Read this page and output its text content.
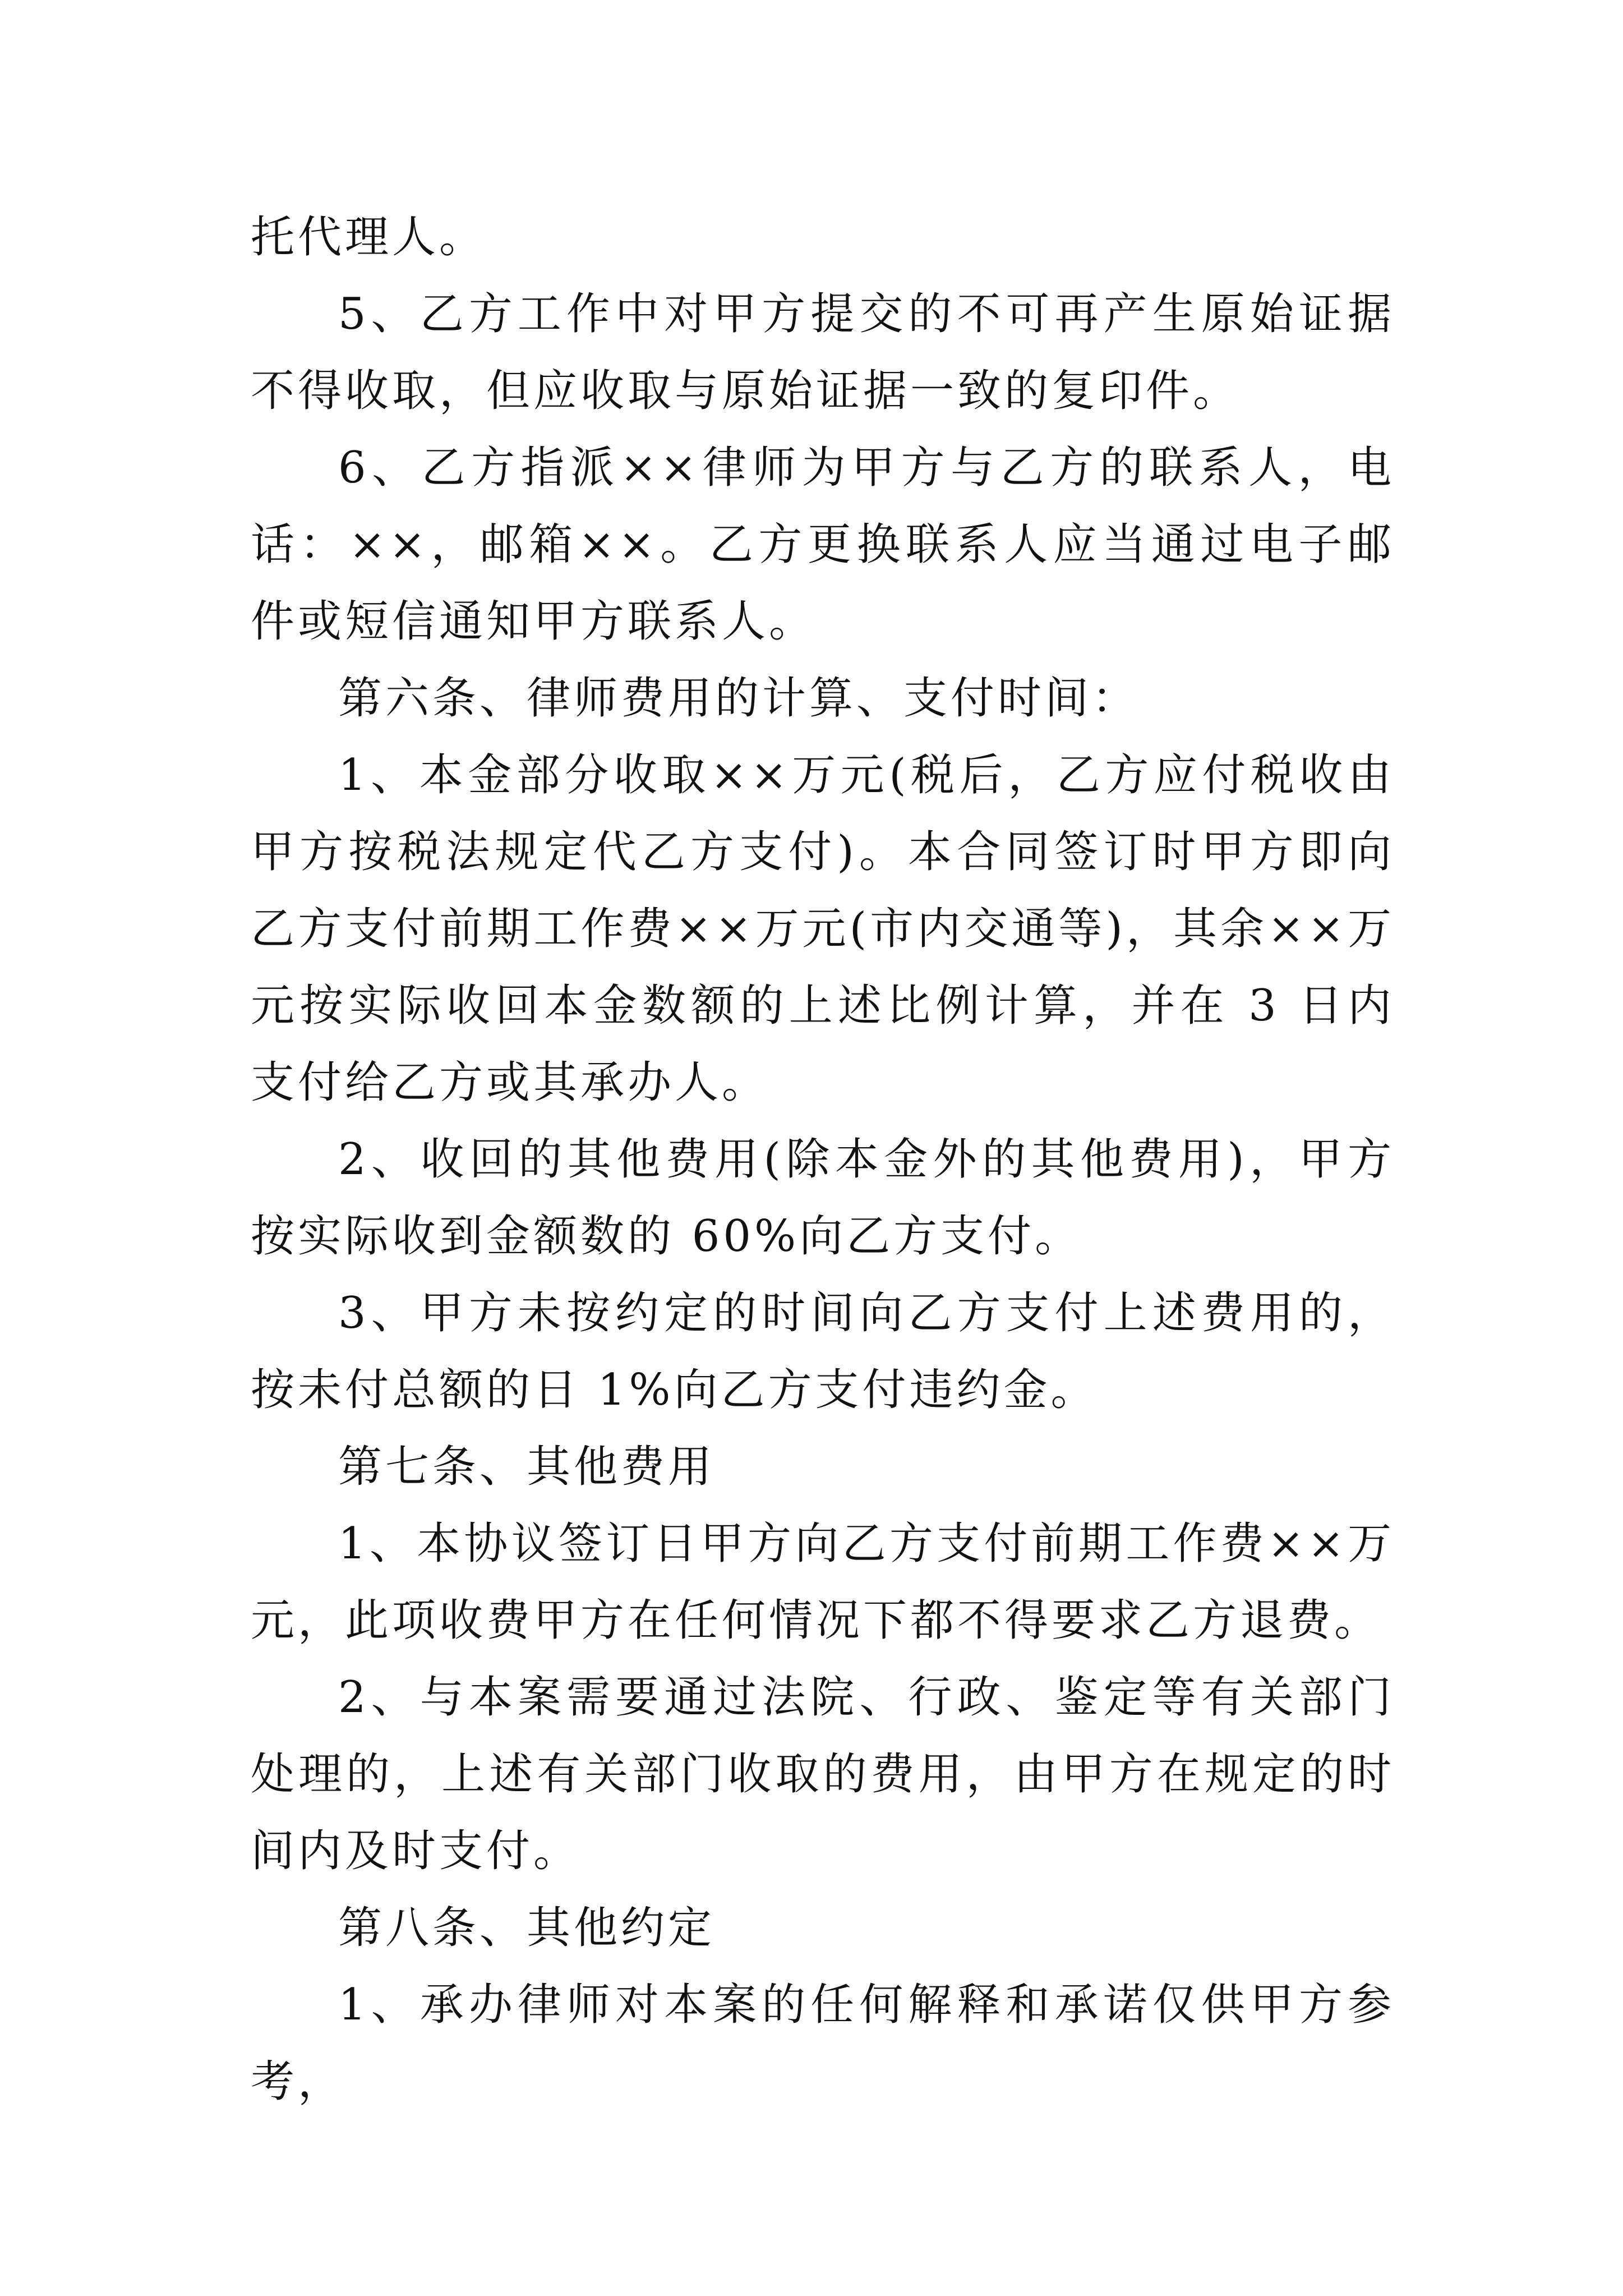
托代理人。

5、乙方工作中对甲方提交的不可再产生原始证据不得收取，但应收取与原始证据一致的复印件。

6、乙方指派××律师为甲方与乙方的联系人，电话：××，邮箱××。乙方更换联系人应当通过电子邮件或短信通知甲方联系人。

第六条、律师费用的计算、支付时间：

1、本金部分收取××万元(税后，乙方应付税收由甲方按税法规定代乙方支付)。本合同签订时甲方即向乙方支付前期工作费××万元(市内交通等)，其余××万元按实际收回本金数额的上述比例计算，并在 3 日内支付给乙方或其承办人。

2、收回的其他费用(除本金外的其他费用)，甲方按实际收到金额数的 60%向乙方支付。

3、甲方未按约定的时间向乙方支付上述费用的，按未付总额的日 1%向乙方支付违约金。

第七条、其他费用

1、本协议签订日甲方向乙方支付前期工作费××万元，此项收费甲方在任何情况下都不得要求乙方退费。

2、与本案需要通过法院、行政、鉴定等有关部门处理的，上述有关部门收取的费用，由甲方在规定的时间内及时支付。

第八条、其他约定

1、承办律师对本案的任何解释和承诺仅供甲方参考，
